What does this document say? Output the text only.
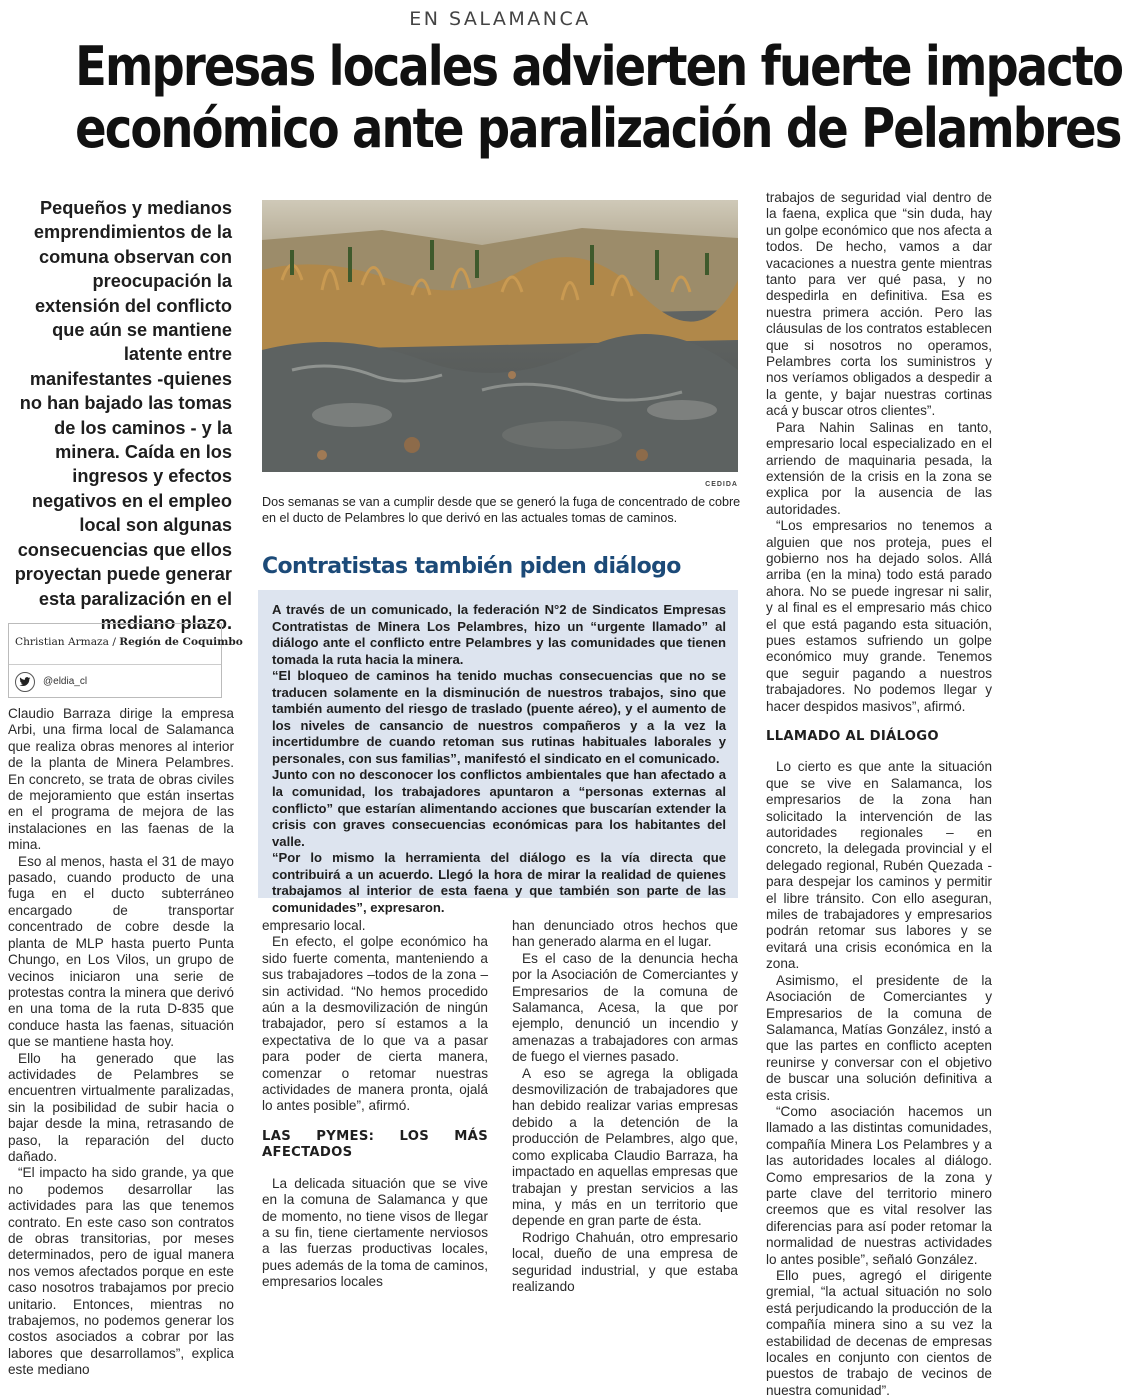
EN SALAMANCA
Empresas locales advierten fuerte impacto
económico ante paralización de Pelambres

Pequeños y medianos emprendimientos de la comuna observan con preocupación la extensión del conflicto que aún se mantiene latente entre manifestantes -quienes no han bajado las tomas de los caminos - y la minera. Caída en los ingresos y efectos negativos en el empleo local son algunas consecuencias que ellos proyectan puede generar esta paralización en el mediano plazo.

Christian Armaza / Región de Coquimbo
@eldia_cl
CEDIDA

Dos semanas se van a cumplir desde que se generó la fuga de concentrado de cobre en el ducto de Pelambres lo que derivó en las actuales tomas de caminos.

Contratistas también piden diálogo

A través de un comunicado, la federación N°2 de Sindicatos Empresas Contratistas de Minera Los Pelambres, hizo un “urgente llamado” al diálogo ante el conflicto entre Pelambres y las comunidades que tienen tomada la ruta hacia la minera.

“El bloqueo de caminos ha tenido muchas consecuencias que no se traducen solamente en la disminución de nuestros trabajos, sino que también aumento del riesgo de traslado (puente aéreo), y el aumento de los niveles de cansancio de nuestros compañeros y a la vez la incertidumbre de cuando retoman sus rutinas habituales laborales y personales, con sus familias”, manifestó el sindicato en el comunicado.

Junto con no desconocer los conflictos ambientales que han afectado a la comunidad, los trabajadores apuntaron a “personas externas al conflicto” que estarían alimentando acciones que buscarían extender la crisis con graves consecuencias económicas para los habitantes del valle.

“Por lo mismo la herramienta del diálogo es la vía directa que contribuirá a un acuerdo. Llegó la hora de mirar la realidad de quienes trabajamos al interior de esta faena y que también son parte de las comunidades”, expresaron.

Claudio Barraza dirige la empresa Arbi, una firma local de Salamanca que realiza obras menores al interior de la planta de Minera Pelambres. En concreto, se trata de obras civiles de mejoramiento que están insertas en el programa de mejora de las instalaciones en las faenas de la mina.

Eso al menos, hasta el 31 de mayo pasado, cuando producto de una fuga en el ducto subterráneo encargado de transportar concentrado de cobre desde la planta de MLP hasta puerto Punta Chungo, en Los Vilos, un grupo de vecinos iniciaron una serie de protestas contra la minera que derivó en una toma de la ruta D-835 que conduce hasta las faenas, situación que se mantiene hasta hoy.

Ello ha generado que las actividades de Pelambres se encuentren virtualmente paralizadas, sin la posibilidad de subir hacia o bajar desde la mina, retrasando de paso, la reparación del ducto dañado.

“El impacto ha sido grande, ya que no podemos desarrollar las actividades para las que tenemos contrato. En este caso son contratos de obras transitorias, por meses determinados, pero de igual manera nos vemos afectados porque en este caso nosotros trabajamos por precio unitario. Entonces, mientras no trabajemos, no podemos generar los costos asociados a cobrar por las labores que desarrollamos”, explica este mediano

empresario local.

En efecto, el golpe económico ha sido fuerte comenta, manteniendo a sus trabajadores –todos de la zona – sin actividad. “No hemos procedido aún a la desmovilización de ningún trabajador, pero sí estamos a la expectativa de lo que va a pasar para poder de cierta manera, comenzar o retomar nuestras actividades de manera pronta, ojalá lo antes posible”, afirmó.

LAS PYMES: LOS MÁS AFECTADOS

La delicada situación que se vive en la comuna de Salamanca y que de momento, no tiene visos de llegar a su fin, tiene ciertamente nerviosos a las fuerzas productivas locales, pues además de la toma de caminos, empresarios locales

han denunciado otros hechos que han generado alarma en el lugar.

Es el caso de la denuncia hecha por la Asociación de Comerciantes y Empresarios de la comuna de Salamanca, Acesa, la que por ejemplo, denunció un incendio y amenazas a trabajadores con armas de fuego el viernes pasado.

A eso se agrega la obligada desmovilización de trabajadores que han debido realizar varias empresas debido a la detención de la producción de Pelambres, algo que, como explicaba Claudio Barraza, ha impactado en aquellas empresas que trabajan y prestan servicios a las mina, y más en un territorio que depende en gran parte de ésta.

Rodrigo Chahuán, otro empresario local, dueño de una empresa de seguridad industrial, y que estaba realizando

trabajos de seguridad vial dentro de la faena, explica que “sin duda, hay un golpe económico que nos afecta a todos. De hecho, vamos a dar vacaciones a nuestra gente mientras tanto para ver qué pasa, y no despedirla en definitiva. Esa es nuestra primera acción. Pero las cláusulas de los contratos establecen que si nosotros no operamos, Pelambres corta los suministros y nos veríamos obligados a despedir a la gente, y bajar nuestras cortinas acá y buscar otros clientes”.

Para Nahin Salinas en tanto, empresario local especializado en el arriendo de maquinaria pesada, la extensión de la crisis en la zona se explica por la ausencia de las autoridades.

“Los empresarios no tenemos a alguien que nos proteja, pues el gobierno nos ha dejado solos. Allá arriba (en la mina) todo está parado ahora. No se puede ingresar ni salir, y al final es el empresario más chico el que está pagando esta situación, pues estamos sufriendo un golpe económico muy grande. Tenemos que seguir pagando a nuestros trabajadores. No podemos llegar y hacer despidos masivos”, afirmó.

LLAMADO AL DIÁLOGO

Lo cierto es que ante la situación que se vive en Salamanca, los empresarios de la zona han solicitado la intervención de las autoridades regionales – en concreto, la delegada provincial y el delegado regional, Rubén Quezada - para despejar los caminos y permitir el libre tránsito. Con ello aseguran, miles de trabajadores y empresarios podrán retomar sus labores y se evitará una crisis económica en la zona.

Asimismo, el presidente de la Asociación de Comerciantes y Empresarios de la comuna de Salamanca, Matías González, instó a que las partes en conflicto acepten reunirse y conversar con el objetivo de buscar una solución definitiva a esta crisis.

“Como asociación hacemos un llamado a las distintas comunidades, compañía Minera Los Pelambres y a las autoridades locales al diálogo. Como empresarios de la zona y parte clave del territorio minero creemos que es vital resolver las diferencias para así poder retomar la normalidad de nuestras actividades lo antes posible”, señaló González.

Ello pues, agregó el dirigente gremial, “la actual situación no solo está perjudicando la producción de la compañía minera sino a su vez la estabilidad de decenas de empresas locales en conjunto con cientos de puestos de trabajo de vecinos de nuestra comunidad”.
